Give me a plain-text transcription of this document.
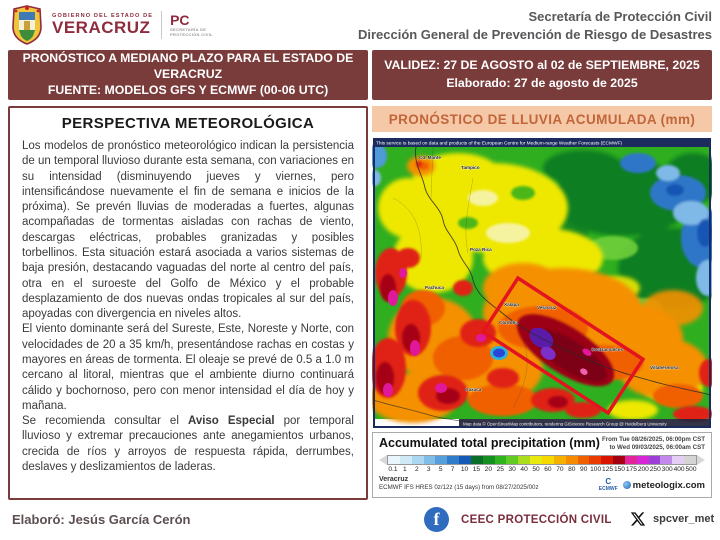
GOBIERNO DEL ESTADO DE
VERACRUZ PC
SECRETARÍA DE PROTECCIÓN CIVIL
Secretaría de Protección Civil
Dirección General de Prevención de Riesgo de Desastres
PRONÓSTICO A MEDIANO PLAZO PARA EL ESTADO DE VERACRUZ
FUENTE: MODELOS GFS Y ECMWF (00-06 UTC)
VALIDEZ: 27 DE AGOSTO al 02 de SEPTIEMBRE, 2025
Elaborado: 27 de agosto de 2025
PERSPECTIVA METEOROLÓGICA

Los modelos de pronóstico meteorológico indican la persistencia de un temporal lluvioso durante esta semana, con variaciones en su intensidad (disminuyendo jueves y viernes, pero intensificándose nuevamente el fin de semana e inicios de la próxima). Se prevén lluvias de moderadas a fuertes, algunas acompañadas de tormentas aisladas con rachas de viento, descargas eléctricas, probables granizadas y posibles torbellinos. Esta situación estará asociada a varios sistemas de baja presión, destacando vaguadas del norte al centro del país, otra en el suroeste del Golfo de México y el probable desplazamiento de dos nuevas ondas tropicales al sur del país, apoyadas con divergencia en niveles altos.

El viento dominante será del Sureste, Este, Noreste y Norte, con velocidades de 20 a 35 km/h, presentándose rachas en costas y mayores en áreas de tormenta. El oleaje se prevé de 0.5 a 1.0 m cercano al litoral, mientras que el ambiente diurno continuará cálido y bochornoso, pero con menor intensidad el día de hoy y mañana.

Se recomienda consultar el Aviso Especial por temporal lluvioso y extremar precauciones ante anegamientos urbanos, crecida de ríos y arroyos de respuesta rápida, derrumbes, deslaves y deslizamientos de laderas.

PRONÓSTICO DE LLUVIA ACUMULADA (mm)
Cd. Mante
Tampico
Poza Rica
Pachuca
Xalapa
Veracruz
Córdoba
Oaxaca
Coatzacoalcos
Villahermosa
This service is based on data and products of the European Centre for Medium-range Weather Forecasts (ECMWF)
Map data © OpenStreetMap contributors, rendering GIScience Research Group @ Heidelberg University
Accumulated total precipitation (mm) From Tue 08/26/2025, 06:00pm CST
to Wed 09/03/2025, 06:00am CST
0.1 1	2	3	5	7 10 15 20 25 30 40 50 60 70 80 90 100 125 150 175 200 250 300 400 500
Veracruz
ECMWF IFS HRES 0z/12z (15 days) from 08/27/2025/00z
C
ECMWF meteologix.com
Elaboró: Jesús García Cerón	f	CEEC PROTECCIÓN CIVIL	spcver_met
